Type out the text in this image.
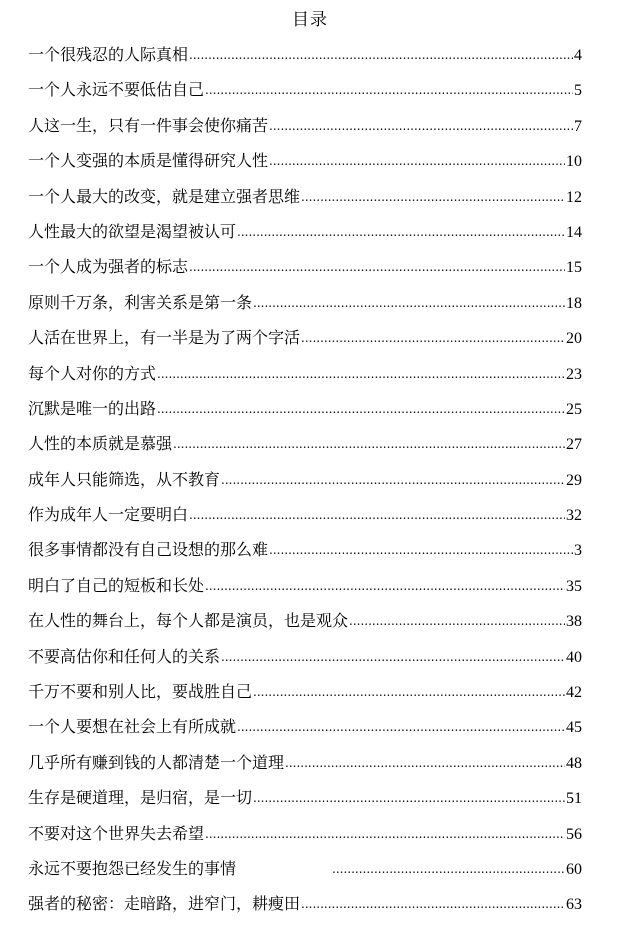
目录
一个很残忍的人际真相 .....	4
一个人永远不要低估自己 .....	5
人这一生，只有一件事会使你痛苦 .....	7
一个人变强的本质是懂得研究人性 .....	10
一个人最大的改变，就是建立强者思维 .....	12
人性最大的欲望是渴望被认可 .....	14
一个人成为强者的标志 .....	15
原则千万条，利害关系是第一条 .....	18
人活在世界上，有一半是为了两个字活 .....	20
每个人对你的方式 .....	23
沉默是唯一的出路 .....	25
人性的本质就是慕强 .....	27
成年人只能筛选，从不教育 .....	29
作为成年人一定要明白 .....	32
很多事情都没有自己设想的那么难 .....	3
明白了自己的短板和长处 .....	35
在人性的舞台上，每个人都是演员，也是观众 .....	38
不要高估你和任何人的关系 .....	40
千万不要和别人比，要战胜自己 .....	42
一个人要想在社会上有所成就 .....	45
几乎所有赚到钱的人都清楚一个道理 .....	48
生存是硬道理，是归宿，是一切 .....	51
不要对这个世界失去希望 .....	56
永远不要抱怨已经发生的事情 .....	60
强者的秘密：走暗路，进窄门，耕瘦田 .....	63
